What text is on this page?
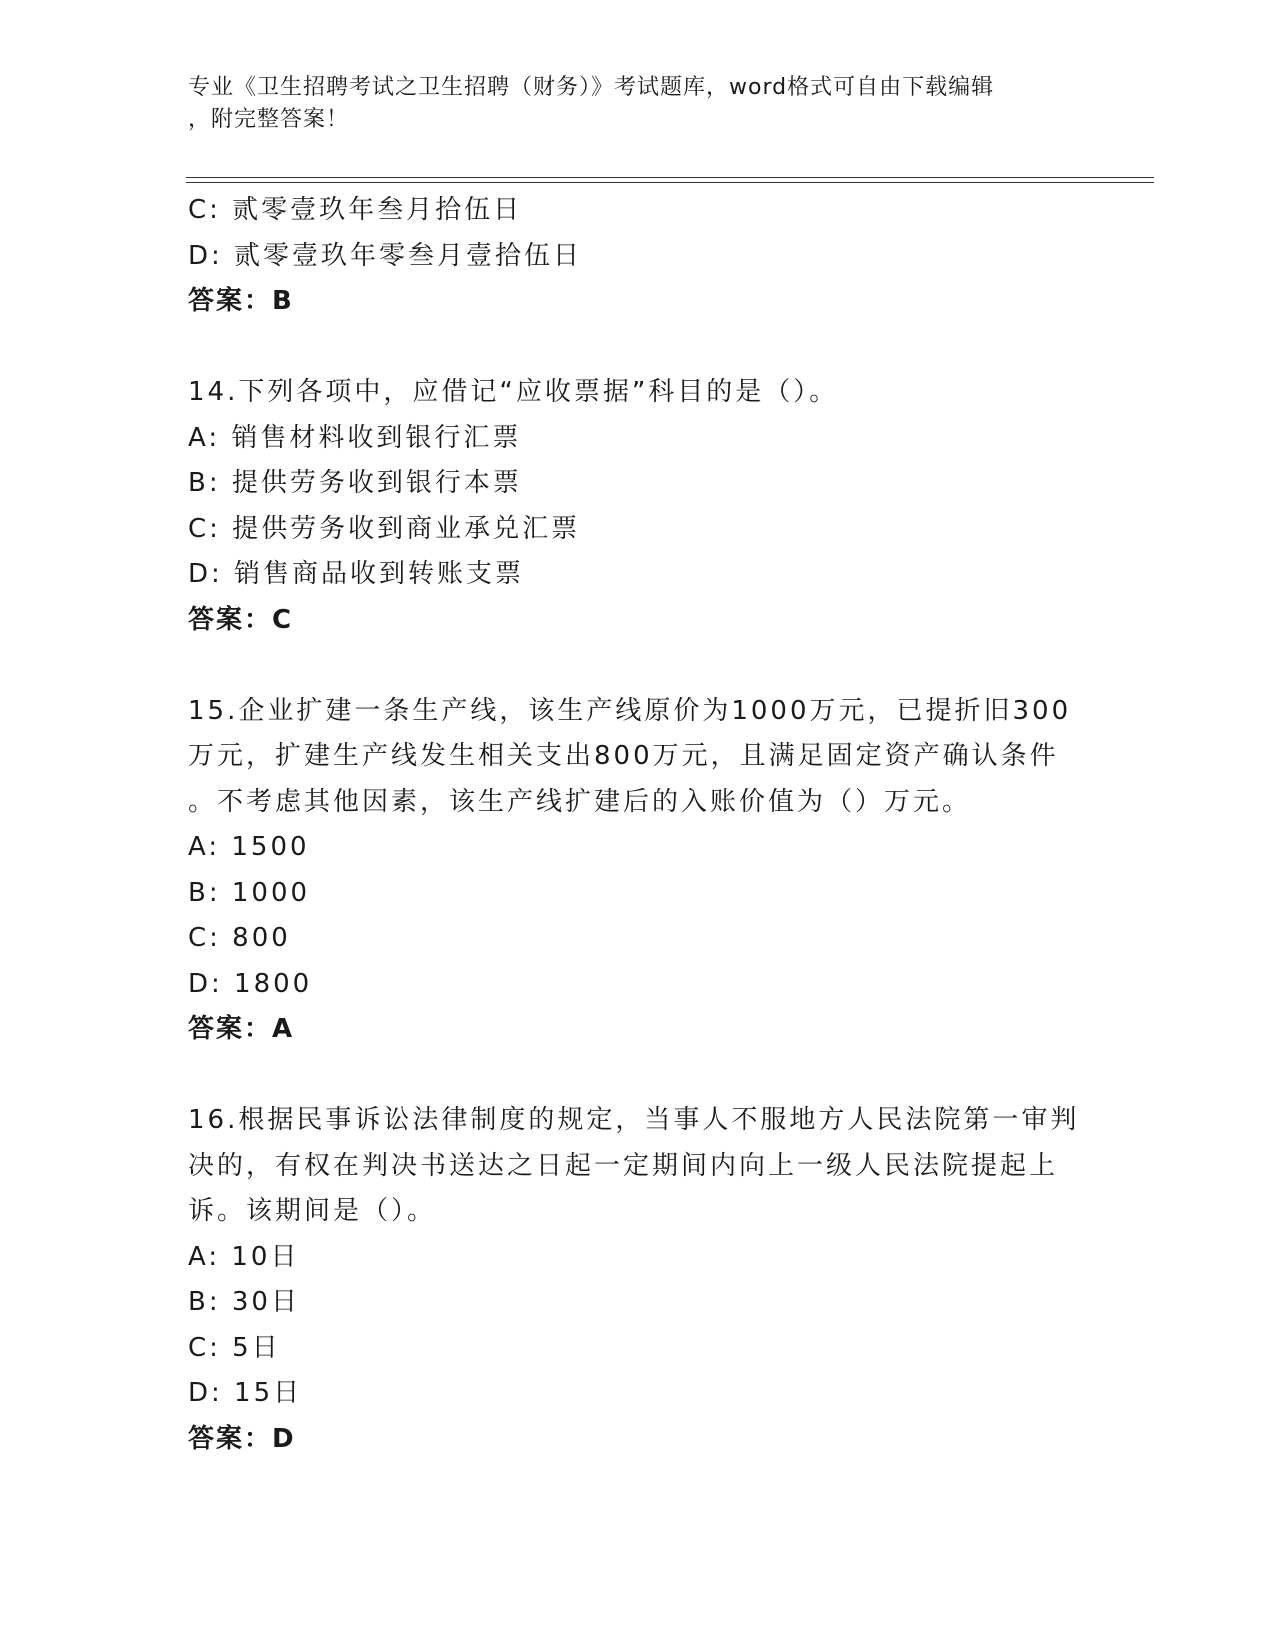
专业《卫生招聘考试之卫生招聘（财务）》考试题库，word格式可自由下载编辑
，附完整答案！
C: 贰零壹玖年叁月拾伍日
D: 贰零壹玖年零叁月壹拾伍日
答案：B
14.下列各项中，应借记“应收票据”科目的是（）。
A: 销售材料收到银行汇票
B: 提供劳务收到银行本票
C: 提供劳务收到商业承兑汇票
D: 销售商品收到转账支票
答案：C
15.企业扩建一条生产线，该生产线原价为1000万元，已提折旧300
万元，扩建生产线发生相关支出800万元，且满足固定资产确认条件
。不考虑其他因素，该生产线扩建后的入账价值为（）万元。
A: 1500
B: 1000
C: 800
D: 1800
答案：A
16.根据民事诉讼法律制度的规定，当事人不服地方人民法院第一审判
决的，有权在判决书送达之日起一定期间内向上一级人民法院提起上
诉。该期间是（）。
A: 10日
B: 30日
C: 5日
D: 15日
答案：D
